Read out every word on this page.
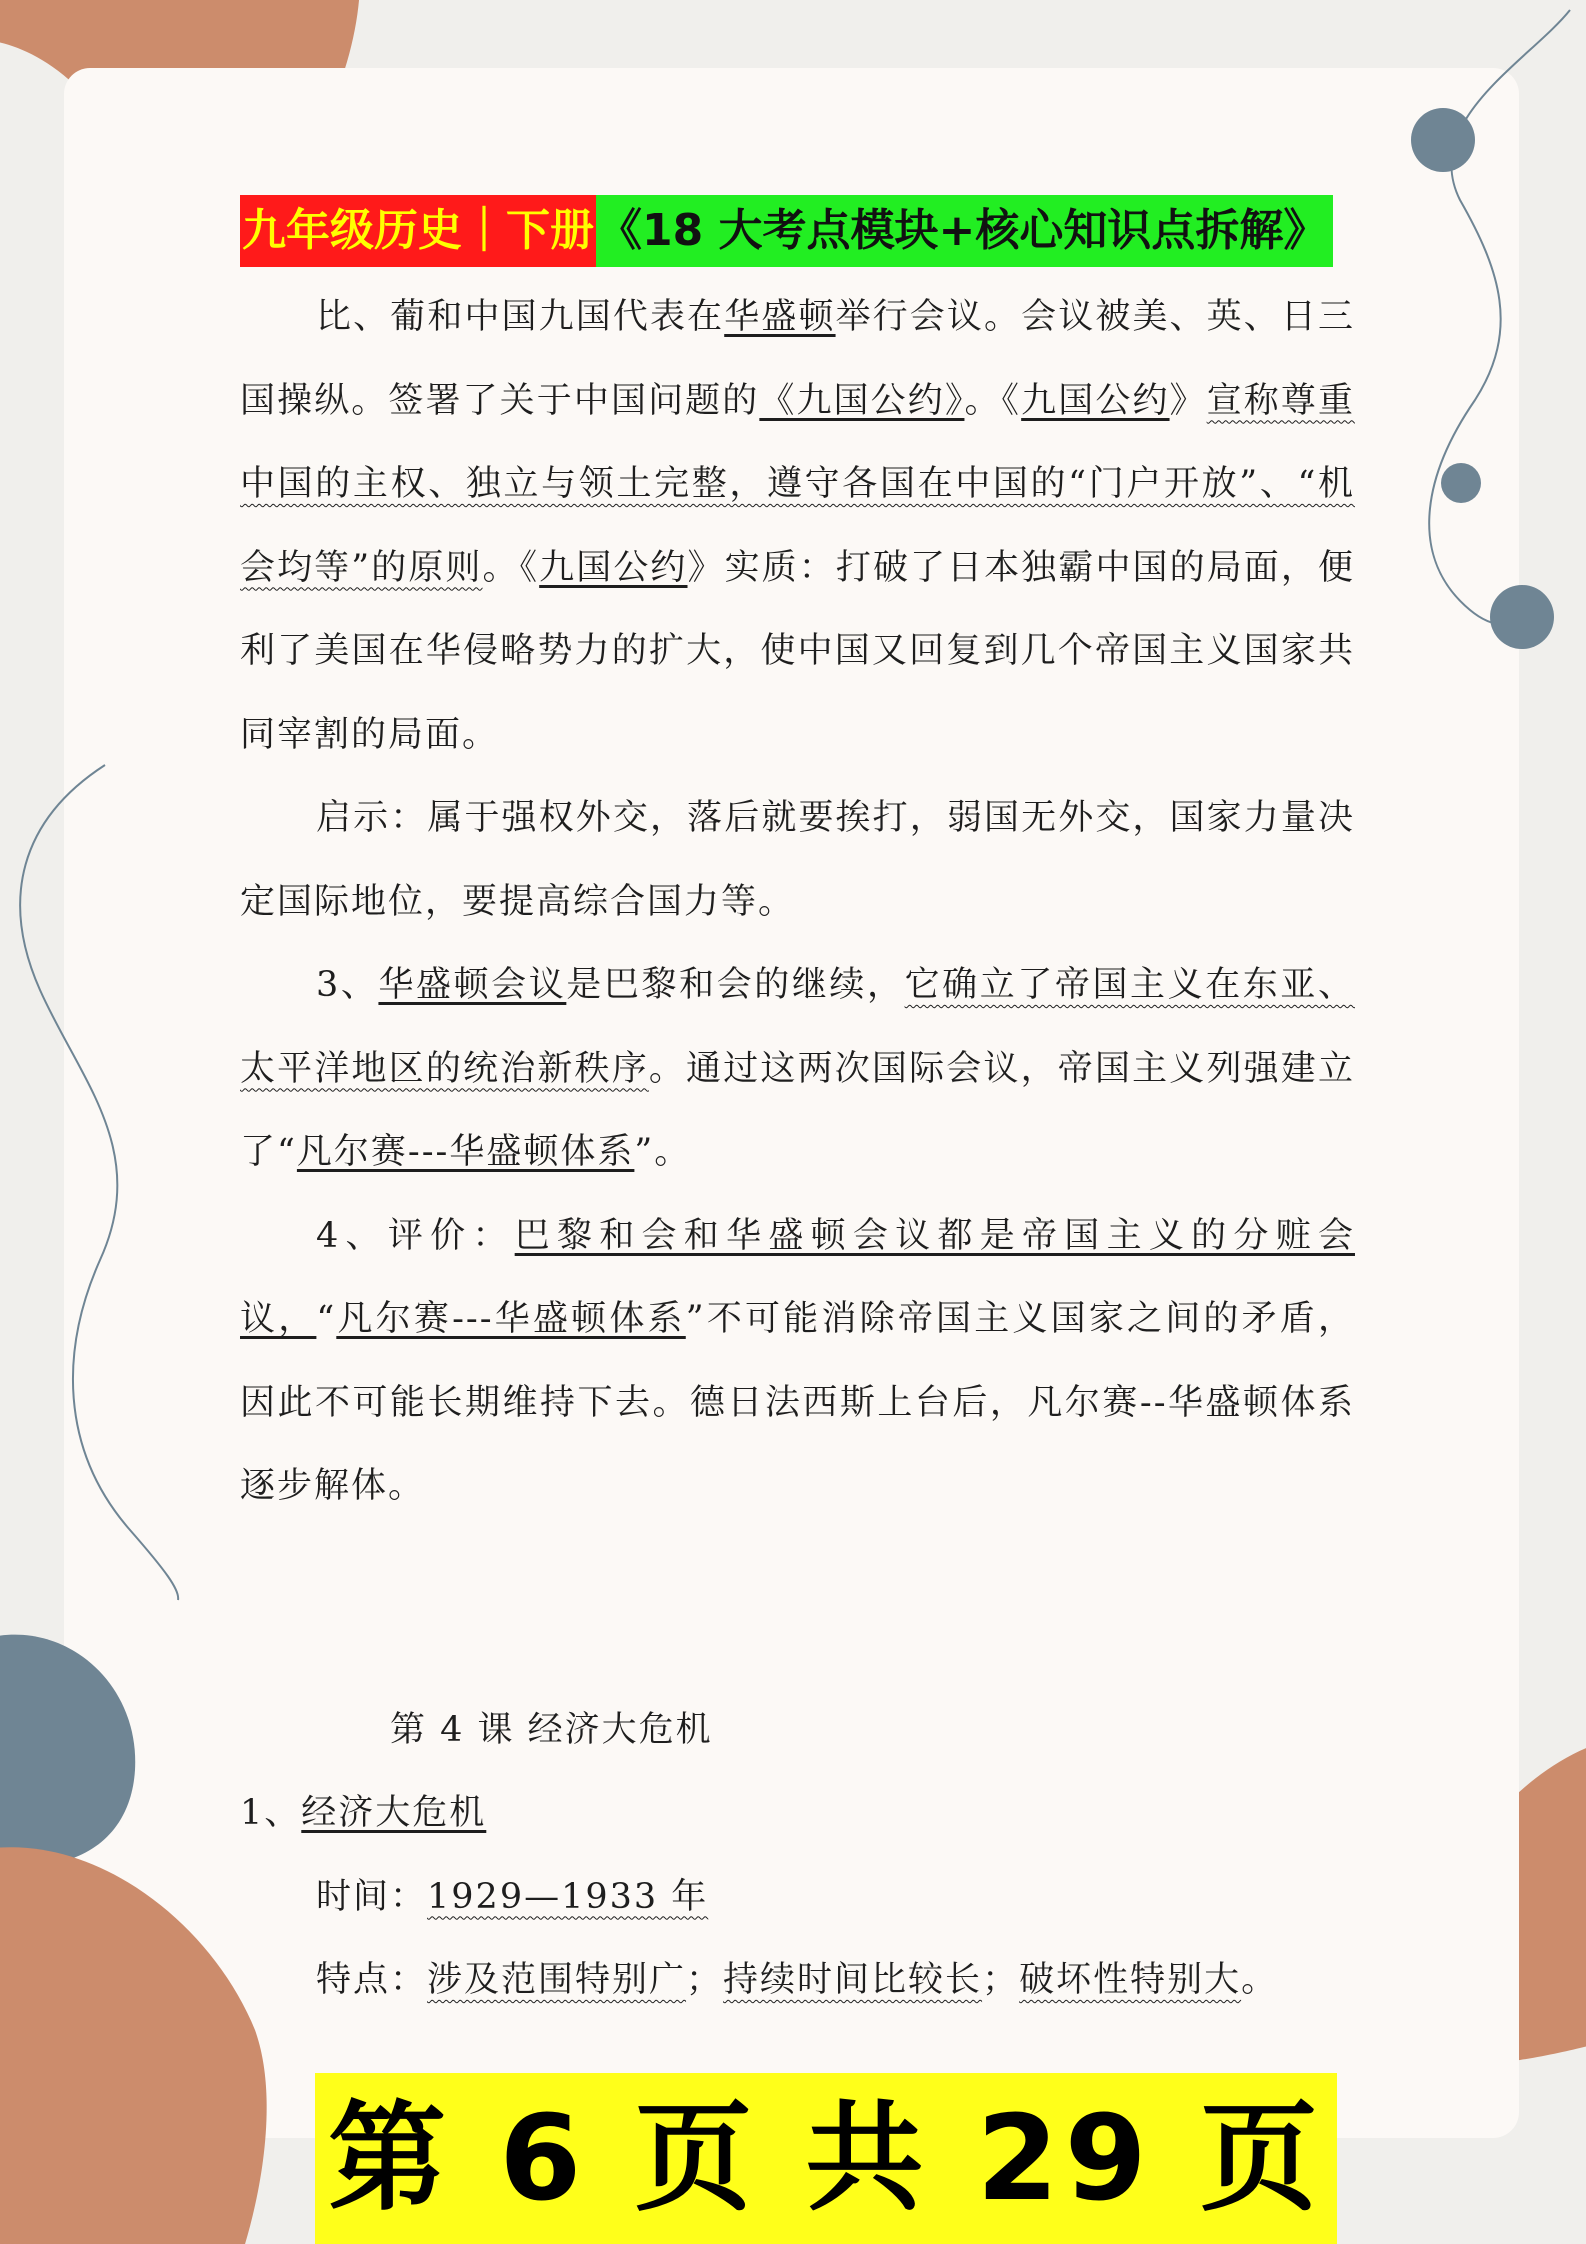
九年级历史｜下册 《18 大考点模块+核心知识点拆解》

比、葡和中国九国代表在华盛顿举行会议。会议被美、英、日三国操纵。签署了关于中国问题的《九国公约》。《九国公约》宣称尊重中国的主权、独立与领土完整，遵守各国在中国的“门户开放”、“机会均等”的原则。《九国公约》实质：打破了日本独霸中国的局面，便利了美国在华侵略势力的扩大，使中国又回复到几个帝国主义国家共同宰割的局面。

启示：属于强权外交，落后就要挨打，弱国无外交，国家力量决定国际地位，要提高综合国力等。

3、华盛顿会议是巴黎和会的继续，它确立了帝国主义在东亚、太平洋地区的统治新秩序。通过这两次国际会议，帝国主义列强建立了“凡尔赛---华盛顿体系”。

4、评价：巴黎和会和华盛顿会议都是帝国主义的分赃会议，“凡尔赛---华盛顿体系”不可能消除帝国主义国家之间的矛盾，因此不可能长期维持下去。德日法西斯上台后，凡尔赛--华盛顿体系逐步解体。

第 4 课 经济大危机

1、经济大危机

时间：1929—1933 年

特点：涉及范围特别广；持续时间比较长；破坏性特别大。

第 6 页 共 29 页
